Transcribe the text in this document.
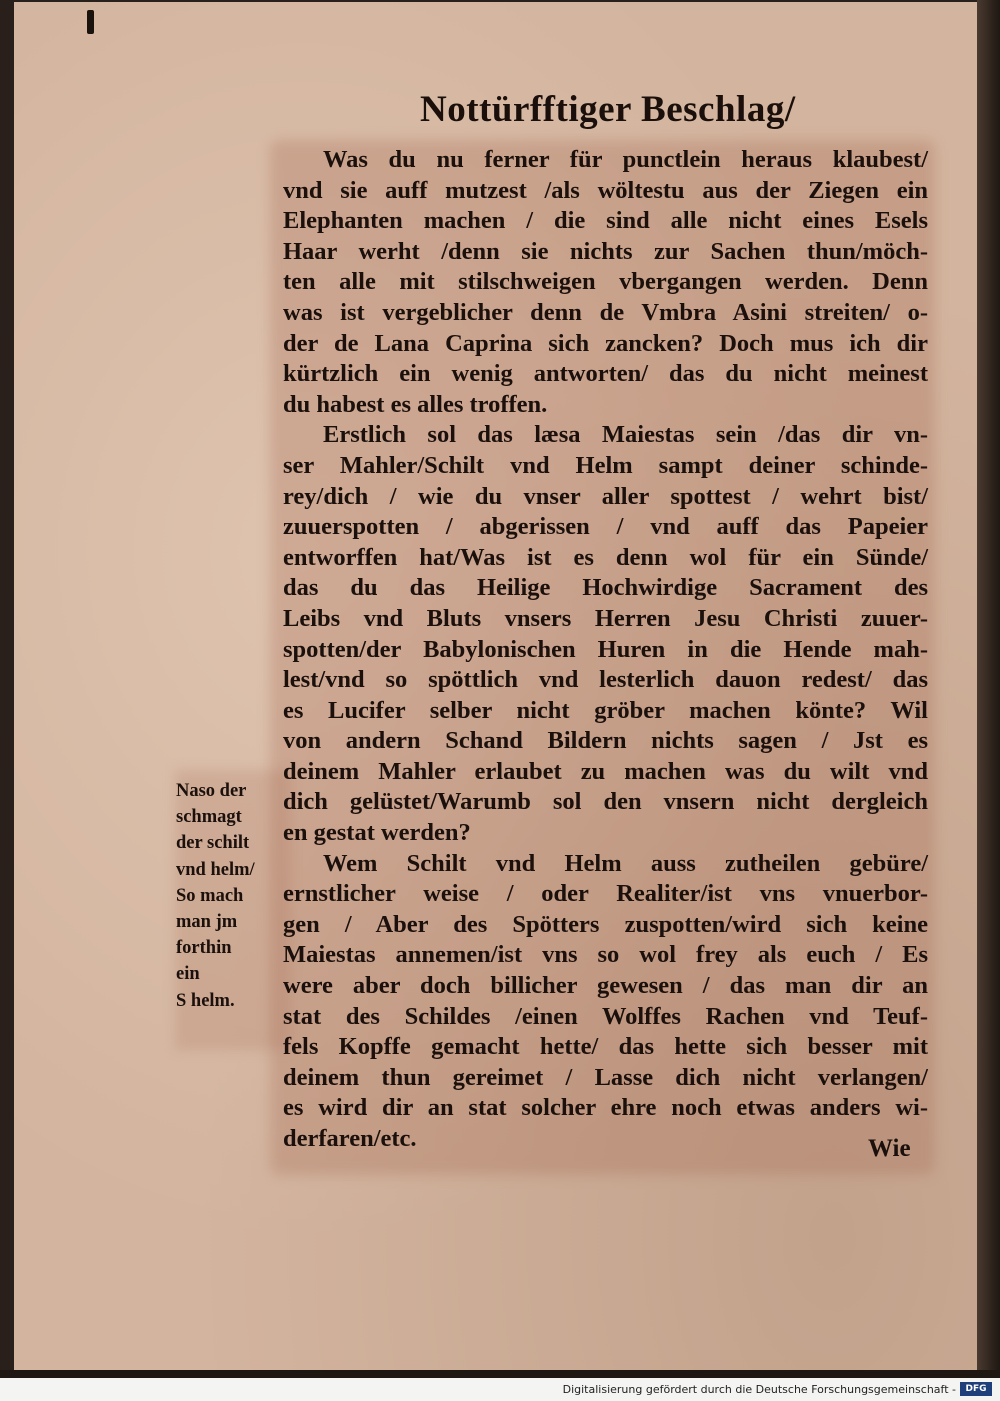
Nottürfftiger Beschlag/
Was du nu ferner für punctlein heraus klaubest/
vnd sie auff mutzest /als wöltestu aus der Ziegen ein
Elephanten machen / die sind alle nicht eines Esels
Haar werht /denn sie nichts zur Sachen thun/möch-
ten alle mit stilschweigen vbergangen werden. Denn
was ist vergeblicher denn de Vmbra Asini streiten/ o-
der de Lana Caprina sich zancken? Doch mus ich dir
kürtzlich ein wenig antworten/ das du nicht meinest
du habest es alles troffen.
Erstlich sol das læsa Maiestas sein /das dir vn-
ser Mahler/Schilt vnd Helm sampt deiner schinde-
rey/dich / wie du vnser aller spottest / wehrt bist/
zuuerspotten / abgerissen / vnd auff das Papeier
entworffen hat/Was ist es denn wol für ein Sünde/
das du das Heilige Hochwirdige Sacrament des
Leibs vnd Bluts vnsers Herren Jesu Christi zuuer-
spotten/der Babylonischen Huren in die Hende mah-
lest/vnd so spöttlich vnd lesterlich dauon redest/ das
es Lucifer selber nicht gröber machen könte? Wil
von andern Schand Bildern nichts sagen / Jst es
deinem Mahler erlaubet zu machen was du wilt vnd
dich gelüstet/Warumb sol den vnsern nicht dergleich
en gestat werden?
Wem Schilt vnd Helm auss zutheilen gebüre/
ernstlicher weise / oder Realiter/ist vns vnuerbor-
gen / Aber des Spötters zuspotten/wird sich keine
Maiestas annemen/ist vns so wol frey als euch / Es
were aber doch billicher gewesen / das man dir an
stat des Schildes /einen Wolffes Rachen vnd Teuf-
fels Kopffe gemacht hette/ das hette sich besser mit
deinem thun gereimet / Lasse dich nicht verlangen/
es wird dir an stat solcher ehre noch etwas anders wi-
derfaren/etc.
Naso der
schmagt
der schilt
vnd helm/
So mach
man jm
forthin
ein
S helm.
Wie
Digitalisierung gefördert durch die Deutsche Forschungsgemeinschaft -	DFG
